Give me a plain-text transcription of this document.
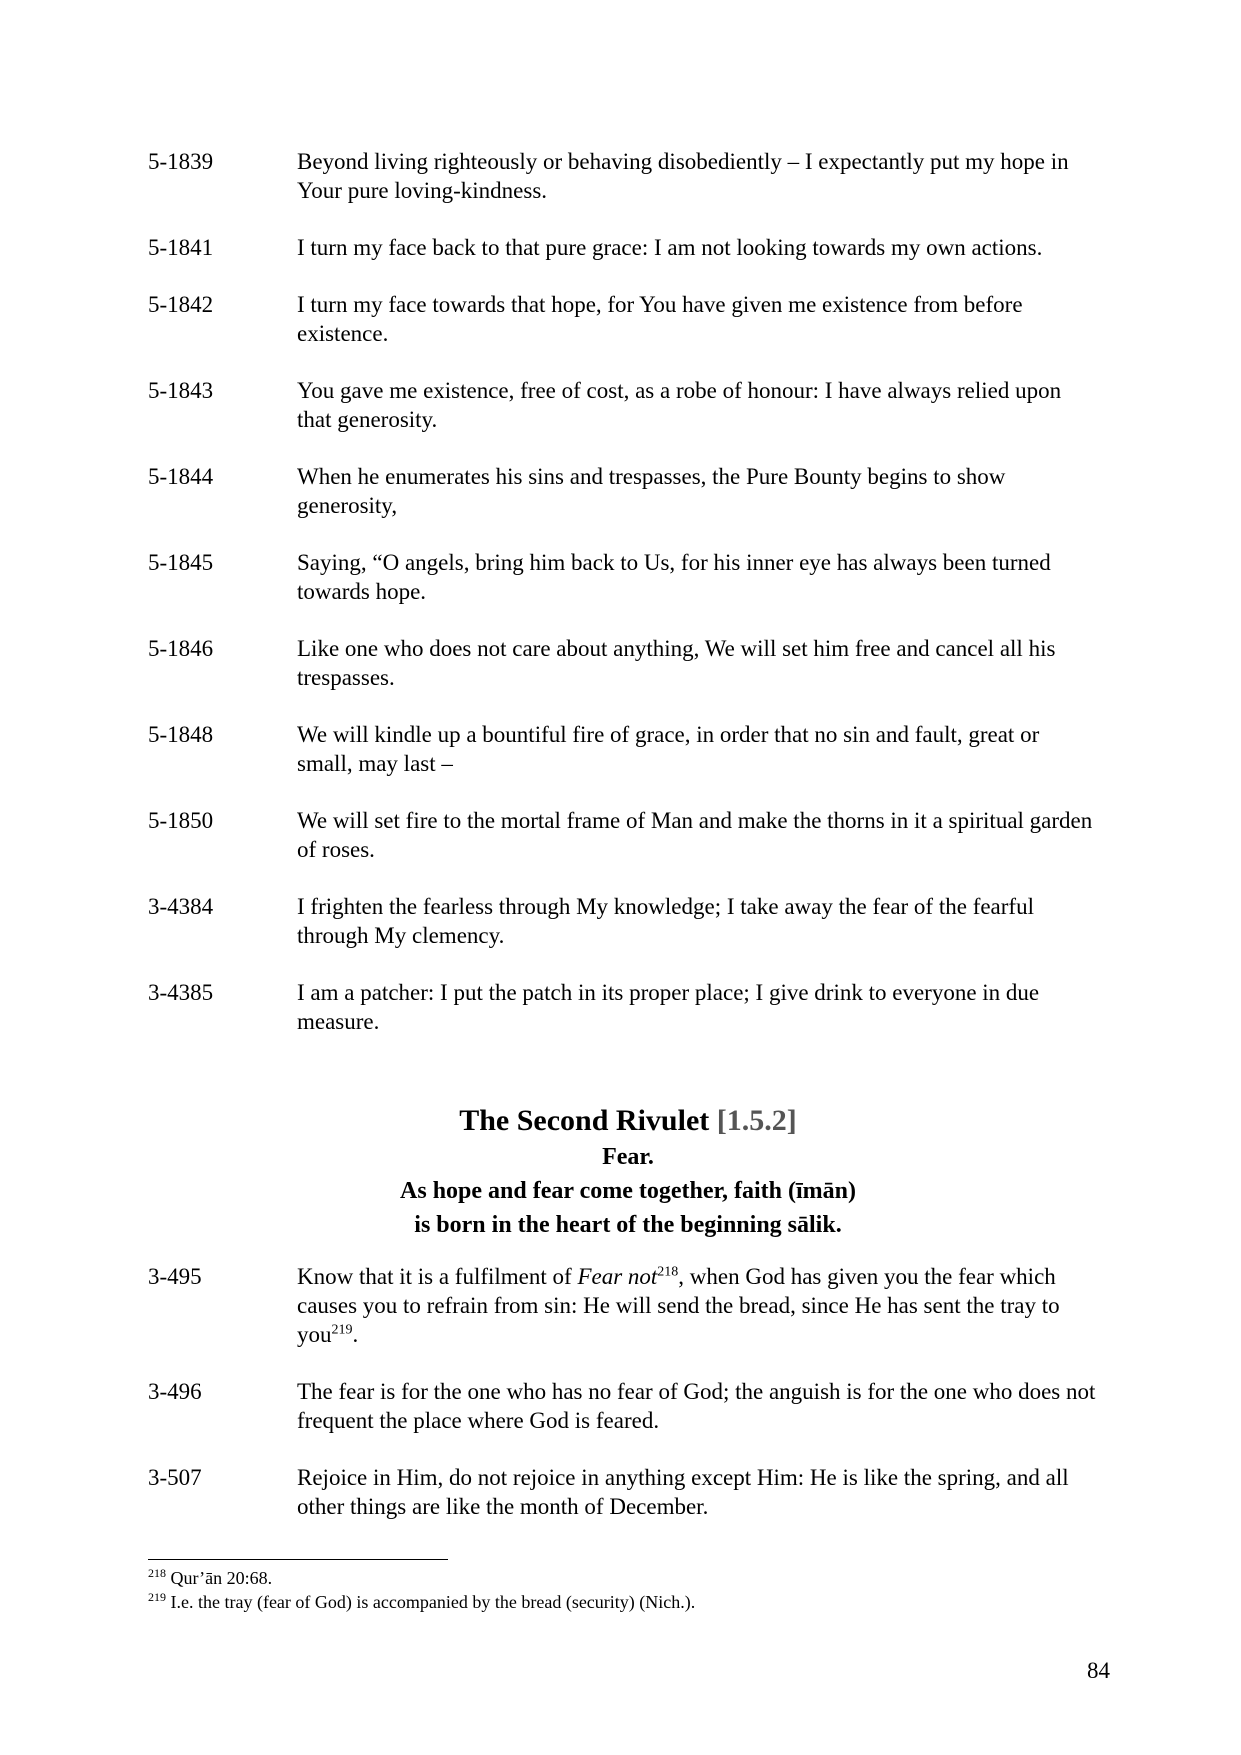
5-1839	Beyond living righteously or behaving disobediently – I expectantly put my hope in Your pure loving-kindness.
5-1841	I turn my face back to that pure grace: I am not looking towards my own actions.
5-1842	I turn my face towards that hope, for You have given me existence from before existence.
5-1843	You gave me existence, free of cost, as a robe of honour: I have always relied upon that generosity.
5-1844	When he enumerates his sins and trespasses, the Pure Bounty begins to show generosity,
5-1845	Saying, “O angels, bring him back to Us, for his inner eye has always been turned towards hope.
5-1846	Like one who does not care about anything, We will set him free and cancel all his trespasses.
5-1848	We will kindle up a bountiful fire of grace, in order that no sin and fault, great or small, may last –
5-1850	We will set fire to the mortal frame of Man and make the thorns in it a spiritual garden of roses.
3-4384	I frighten the fearless through My knowledge; I take away the fear of the fearful through My clemency.
3-4385	I am a patcher: I put the patch in its proper place; I give drink to everyone in due measure.
The Second Rivulet [1.5.2]
Fear.
As hope and fear come together, faith (īmān)
is born in the heart of the beginning sālik.
3-495	Know that it is a fulfilment of Fear not$^{218}$, when God has given you the fear which causes you to refrain from sin: He will send the bread, since He has sent the tray to you$^{219}$.
3-496	The fear is for the one who has no fear of God; the anguish is for the one who does not frequent the place where God is feared.
3-507	Rejoice in Him, do not rejoice in anything except Him: He is like the spring, and all other things are like the month of December.
$^{218}$ Qur’ān 20:68.
$^{219}$ I.e. the tray (fear of God) is accompanied by the bread (security) (Nich.).
84
